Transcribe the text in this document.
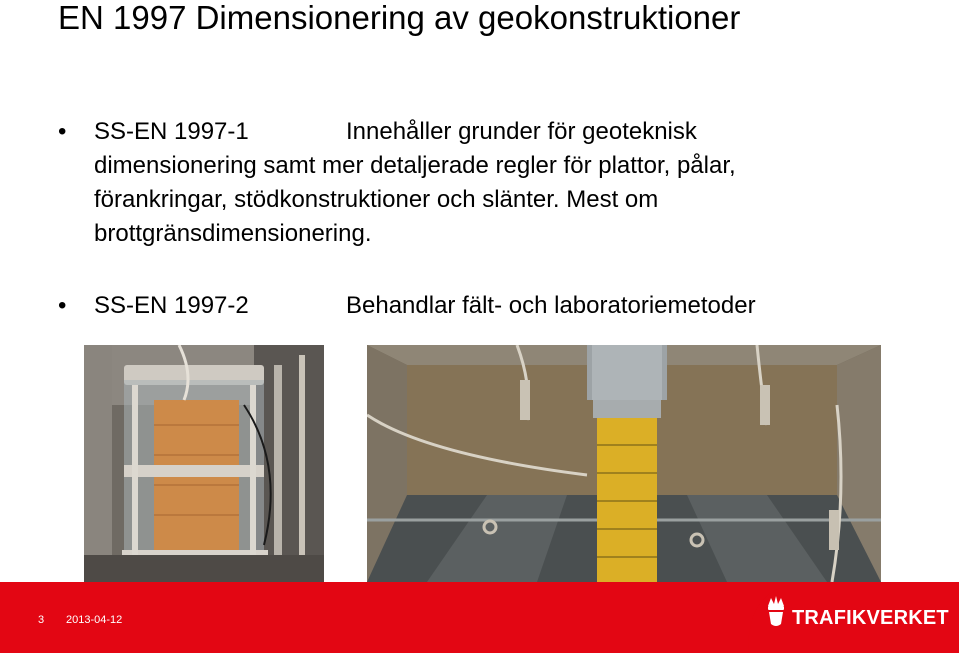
EN 1997 Dimensionering av geokonstruktioner
• SS-EN 1997-1	Innehåller grunder för geoteknisk dimensionering samt mer detaljerade regler för plattor, pålar, förankringar, stödkonstruktioner och slänter. Mest om brottgränsdimensionering.
• SS-EN 1997-2	Behandlar fält- och laboratoriemetoder
3 2013-04-12	TRAFIKVERKET
